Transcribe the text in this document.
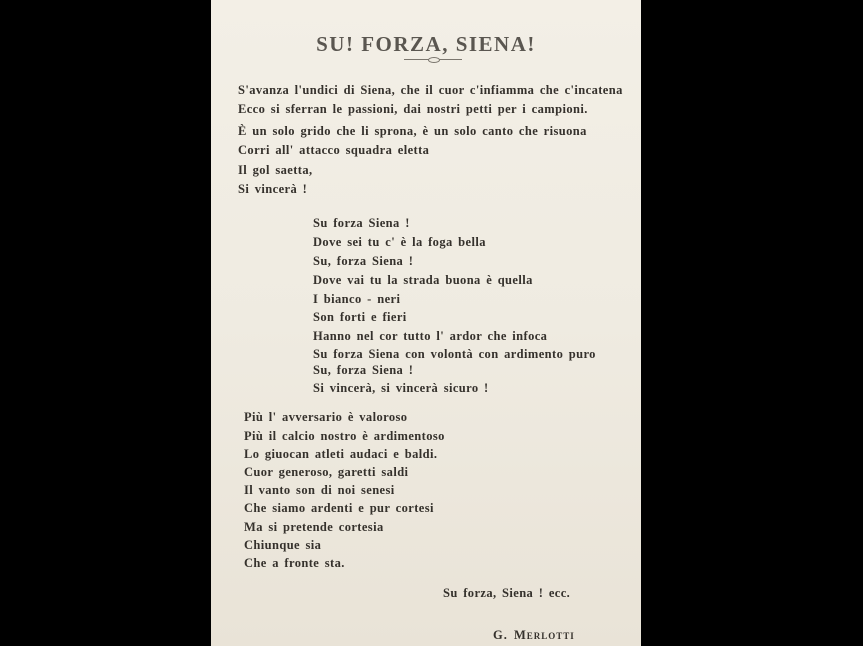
SU! FORZA, SIENA!
S'avanza l'undici di Siena, che il cuor c'infiamma che c'incatena
Ecco si sferran le passioni, dai nostri petti per i campioni.
È un solo grido che li sprona, è un solo canto che risuona
Corri all' attacco squadra eletta
Il gol saetta,
Si vincerà !
Su forza Siena !
Dove sei tu c' è la foga bella
Su, forza Siena !
Dove vai tu la strada buona è quella
I bianco - neri
Son forti e fieri
Hanno nel cor tutto l' ardor che infoca
Su forza Siena con volontà con ardimento puro
Su, forza Siena !
Si vincerà, si vincerà sicuro !
Più l' avversario è valoroso
Più il calcio nostro è ardimentoso
Lo giuocan atleti audaci e baldi.
Cuor generoso, garetti saldi
Il vanto son di noi senesi
Che siamo ardenti e pur cortesi
Ma si pretende cortesia
Chiunque sia
Che a fronte sta.
Su forza, Siena ! ecc.
G. Merlotti
